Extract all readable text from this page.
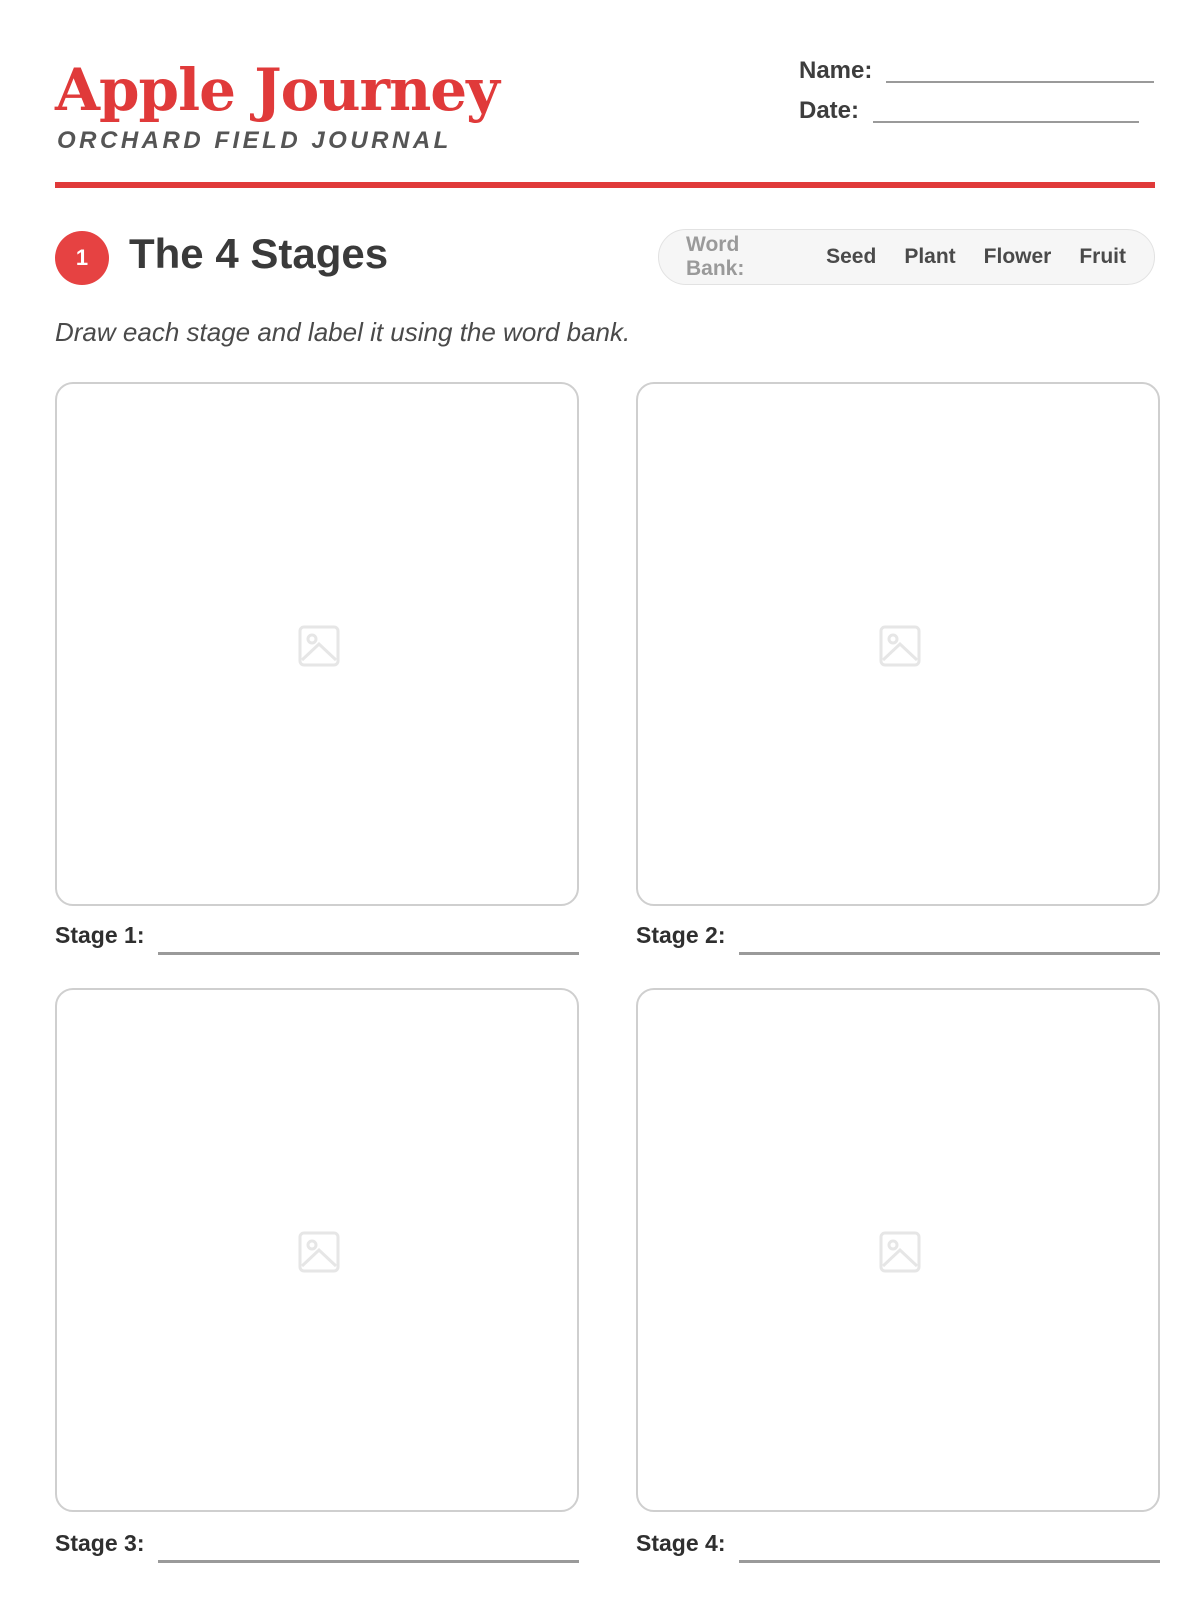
Apple Journey
ORCHARD FIELD JOURNAL
Name:
Date:
1 The 4 Stages	Word Bank:
Seed Plant Flower Fruit
Draw each stage and label it using the word bank.
Stage 1:	Stage 2:
Stage 3:	Stage 4:
